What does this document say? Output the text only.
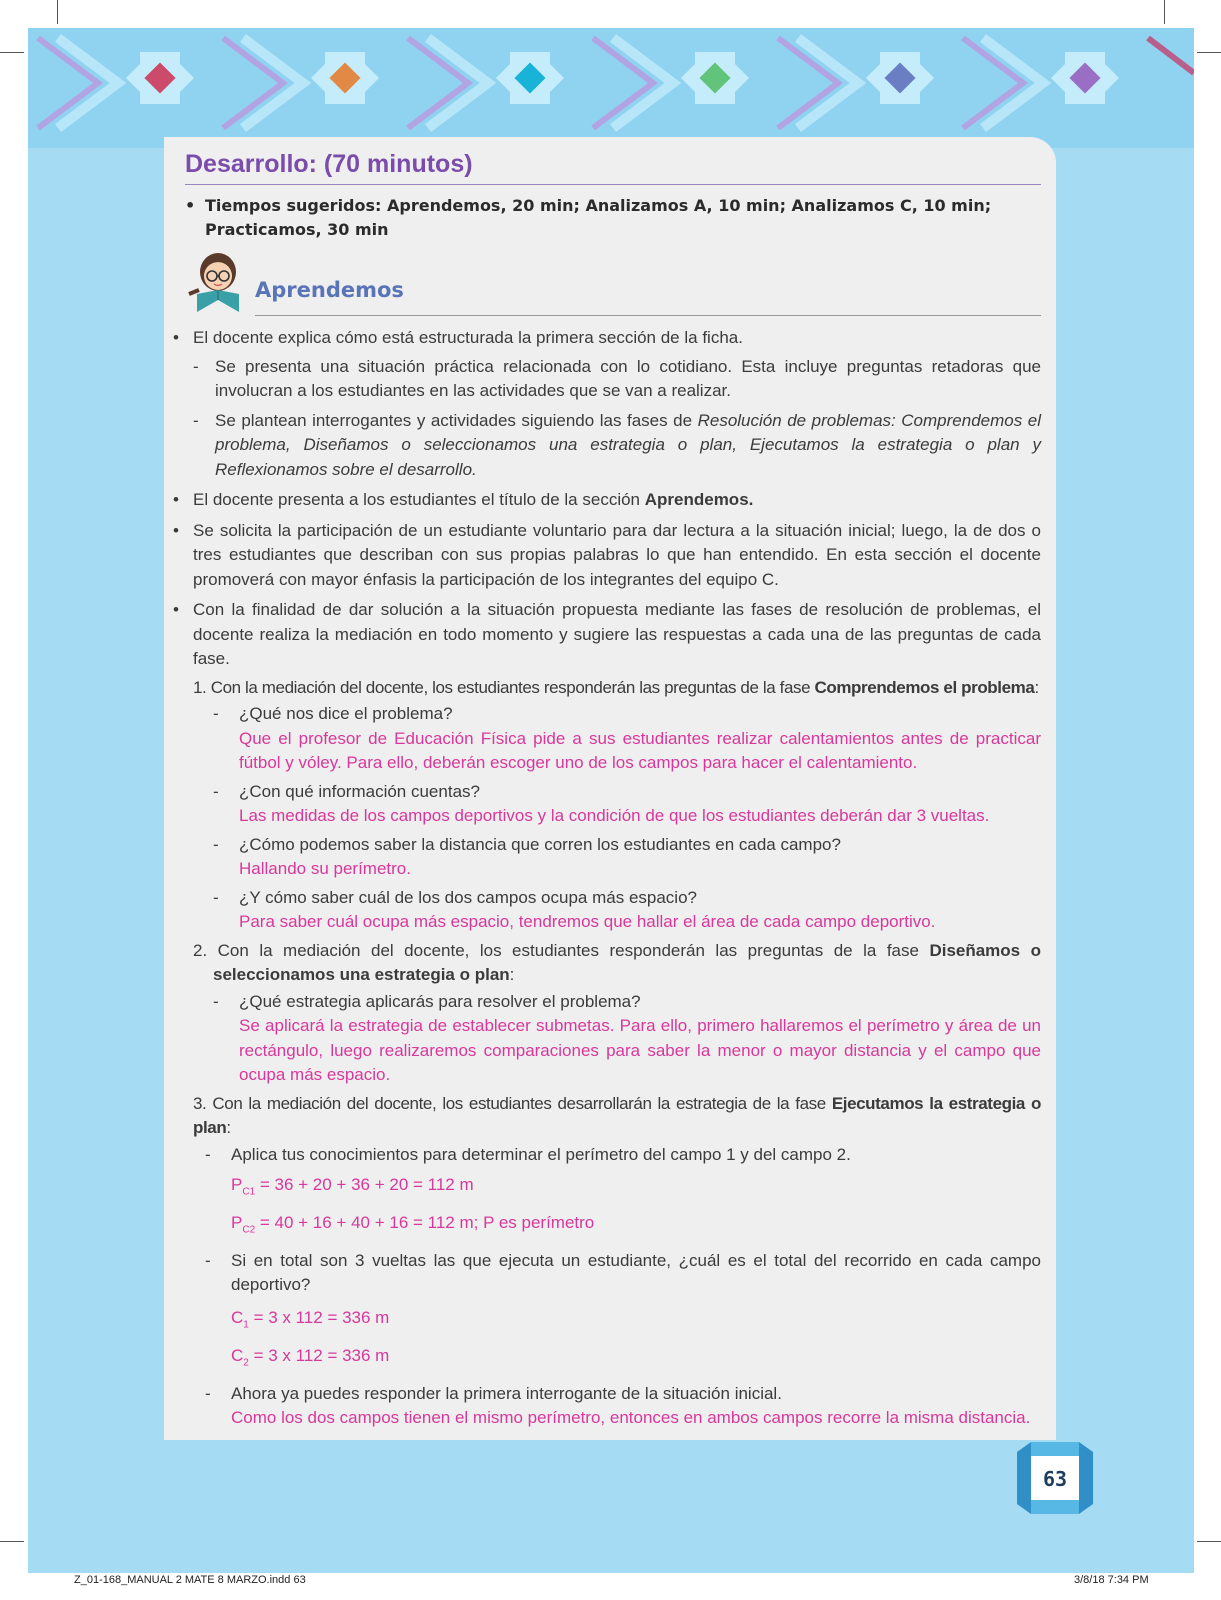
Desarrollo: (70 minutos)
• Tiempos sugeridos: Aprendemos, 20 min; Analizamos A, 10 min; Analizamos C, 10 min; Practicamos, 30 min
Aprendemos
• El docente explica cómo está estructurada la primera sección de la ficha.
- Se presenta una situación práctica relacionada con lo cotidiano. Esta incluye preguntas retadoras que involucran a los estudiantes en las actividades que se van a realizar.
- Se plantean interrogantes y actividades siguiendo las fases de Resolución de problemas: Comprendemos el problema, Diseñamos o seleccionamos una estrategia o plan, Ejecutamos la estrategia o plan y Reflexionamos sobre el desarrollo.
• El docente presenta a los estudiantes el título de la sección Aprendemos.
• Se solicita la participación de un estudiante voluntario para dar lectura a la situación inicial; luego, la de dos o tres estudiantes que describan con sus propias palabras lo que han entendido. En esta sección el docente promoverá con mayor énfasis la participación de los integrantes del equipo C.
• Con la finalidad de dar solución a la situación propuesta mediante las fases de resolución de problemas, el docente realiza la mediación en todo momento y sugiere las respuestas a cada una de las preguntas de cada fase.
1. Con la mediación del docente, los estudiantes responderán las preguntas de la fase Comprendemos el problema:
- ¿Qué nos dice el problema?
Que el profesor de Educación Física pide a sus estudiantes realizar calentamientos antes de practicar fútbol y vóley. Para ello, deberán escoger uno de los campos para hacer el calentamiento.
- ¿Con qué información cuentas?
Las medidas de los campos deportivos y la condición de que los estudiantes deberán dar 3 vueltas.
- ¿Cómo podemos saber la distancia que corren los estudiantes en cada campo?
Hallando su perímetro.
- ¿Y cómo saber cuál de los dos campos ocupa más espacio?
Para saber cuál ocupa más espacio, tendremos que hallar el área de cada campo deportivo.
2. Con la mediación del docente, los estudiantes responderán las preguntas de la fase Diseñamos o seleccionamos una estrategia o plan:
- ¿Qué estrategia aplicarás para resolver el problema?
Se aplicará la estrategia de establecer submetas. Para ello, primero hallaremos el perímetro y área de un rectángulo, luego realizaremos comparaciones para saber la menor o mayor distancia y el campo que ocupa más espacio.
3. Con la mediación del docente, los estudiantes desarrollarán la estrategia de la fase Ejecutamos la estrategia o plan:
- Aplica tus conocimientos para determinar el perímetro del campo 1 y del campo 2.
$P_{C1} = 36 + 20 + 36 + 20 = 112$ m
$P_{C2} = 40 + 16 + 40 + 16 = 112$ m; P es perímetro
- Si en total son 3 vueltas las que ejecuta un estudiante, ¿cuál es el total del recorrido en cada campo deportivo?
$C_1 = 3$ x 112 = 336 m
$C_2 = 3$ x 112 = 336 m
- Ahora ya puedes responder la primera interrogante de la situación inicial.
Como los dos campos tienen el mismo perímetro, entonces en ambos campos recorre la misma distancia.
63
Z_01-168_MANUAL 2 MATE 8 MARZO.indd 63	3/8/18 7:34 PM
